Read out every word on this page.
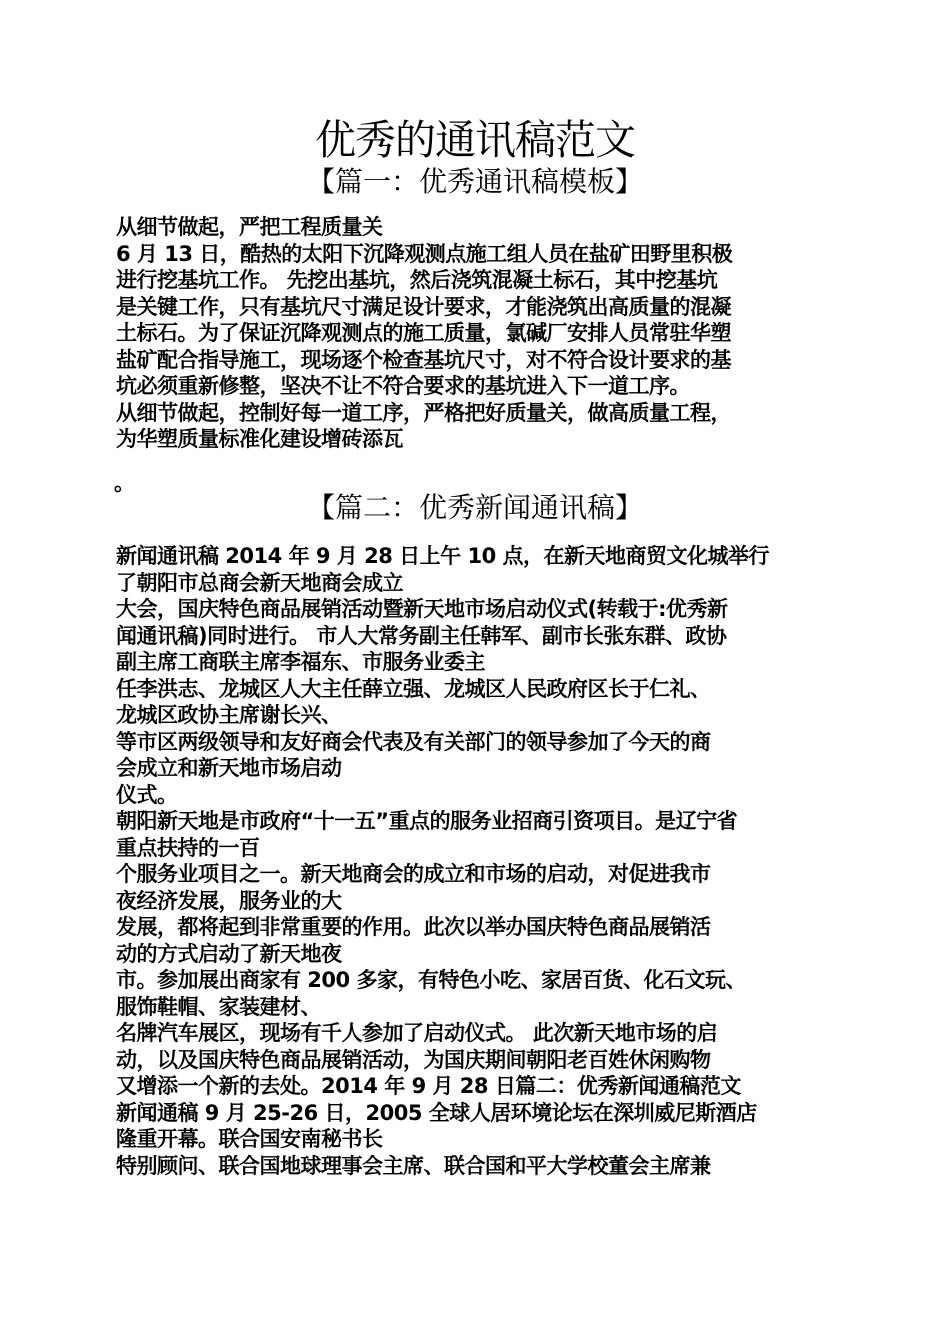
优秀的通讯稿范文
【篇一：优秀通讯稿模板】

从细节做起，严把工程质量关

6 月 13 日，酷热的太阳下沉降观测点施工组人员在盐矿田野里积极

进行挖基坑工作。 先挖出基坑，然后浇筑混凝土标石，其中挖基坑

是关键工作，只有基坑尺寸满足设计要求，才能浇筑出高质量的混凝

土标石。为了保证沉降观测点的施工质量，氯碱厂安排人员常驻华塑

盐矿配合指导施工，现场逐个检查基坑尺寸，对不符合设计要求的基

坑必须重新修整，坚决不让不符合要求的基坑进入下一道工序。

从细节做起，控制好每一道工序，严格把好质量关，做高质量工程，

为华塑质量标准化建设增砖添瓦

。

【篇二：优秀新闻通讯稿】

新闻通讯稿 2014 年 9 月 28 日上午 10 点，在新天地商贸文化城举行

了朝阳市总商会新天地商会成立

大会，国庆特色商品展销活动暨新天地市场启动仪式(转载于:优秀新

闻通讯稿)同时进行。 市人大常务副主任韩军、副市长张东群、政协

副主席工商联主席李福东、市服务业委主

任李洪志、龙城区人大主任薛立强、龙城区人民政府区长于仁礼、

龙城区政协主席谢长兴、

等市区两级领导和友好商会代表及有关部门的领导参加了今天的商

会成立和新天地市场启动

仪式。

朝阳新天地是市政府“十一五”重点的服务业招商引资项目。是辽宁省

重点扶持的一百

个服务业项目之一。新天地商会的成立和市场的启动，对促进我市

夜经济发展，服务业的大

发展，都将起到非常重要的作用。此次以举办国庆特色商品展销活

动的方式启动了新天地夜

市。参加展出商家有 200 多家，有特色小吃、家居百货、化石文玩、

服饰鞋帽、家装建材、

名牌汽车展区，现场有千人参加了启动仪式。 此次新天地市场的启

动，以及国庆特色商品展销活动，为国庆期间朝阳老百姓休闲购物

又增添一个新的去处。2014 年 9 月 28 日篇二：优秀新闻通稿范文

新闻通稿 9 月 25-26 日，2005 全球人居环境论坛在深圳威尼斯酒店

隆重开幕。联合国安南秘书长

特别顾问、联合国地球理事会主席、联合国和平大学校董会主席兼
